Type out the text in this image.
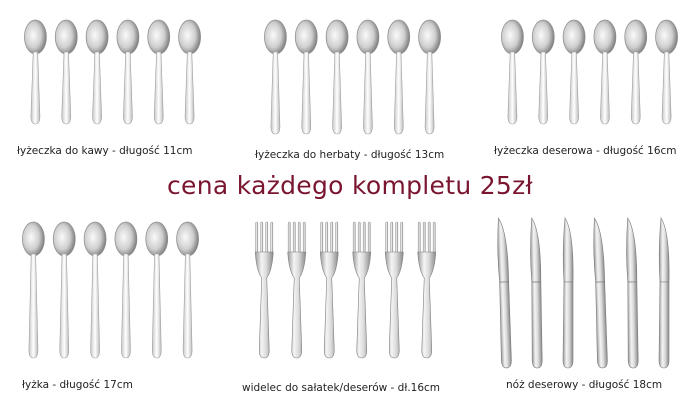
cena każdego kompletu 25zł
łyżeczka do kawy - długość 11cm	łyżeczka do herbaty - długość 13cm	łyżeczka deserowa - długość 16cm
łyżka - długość 17cm	widelec do sałatek/deserów - dł.16cm	nóż deserowy - długość 18cm
